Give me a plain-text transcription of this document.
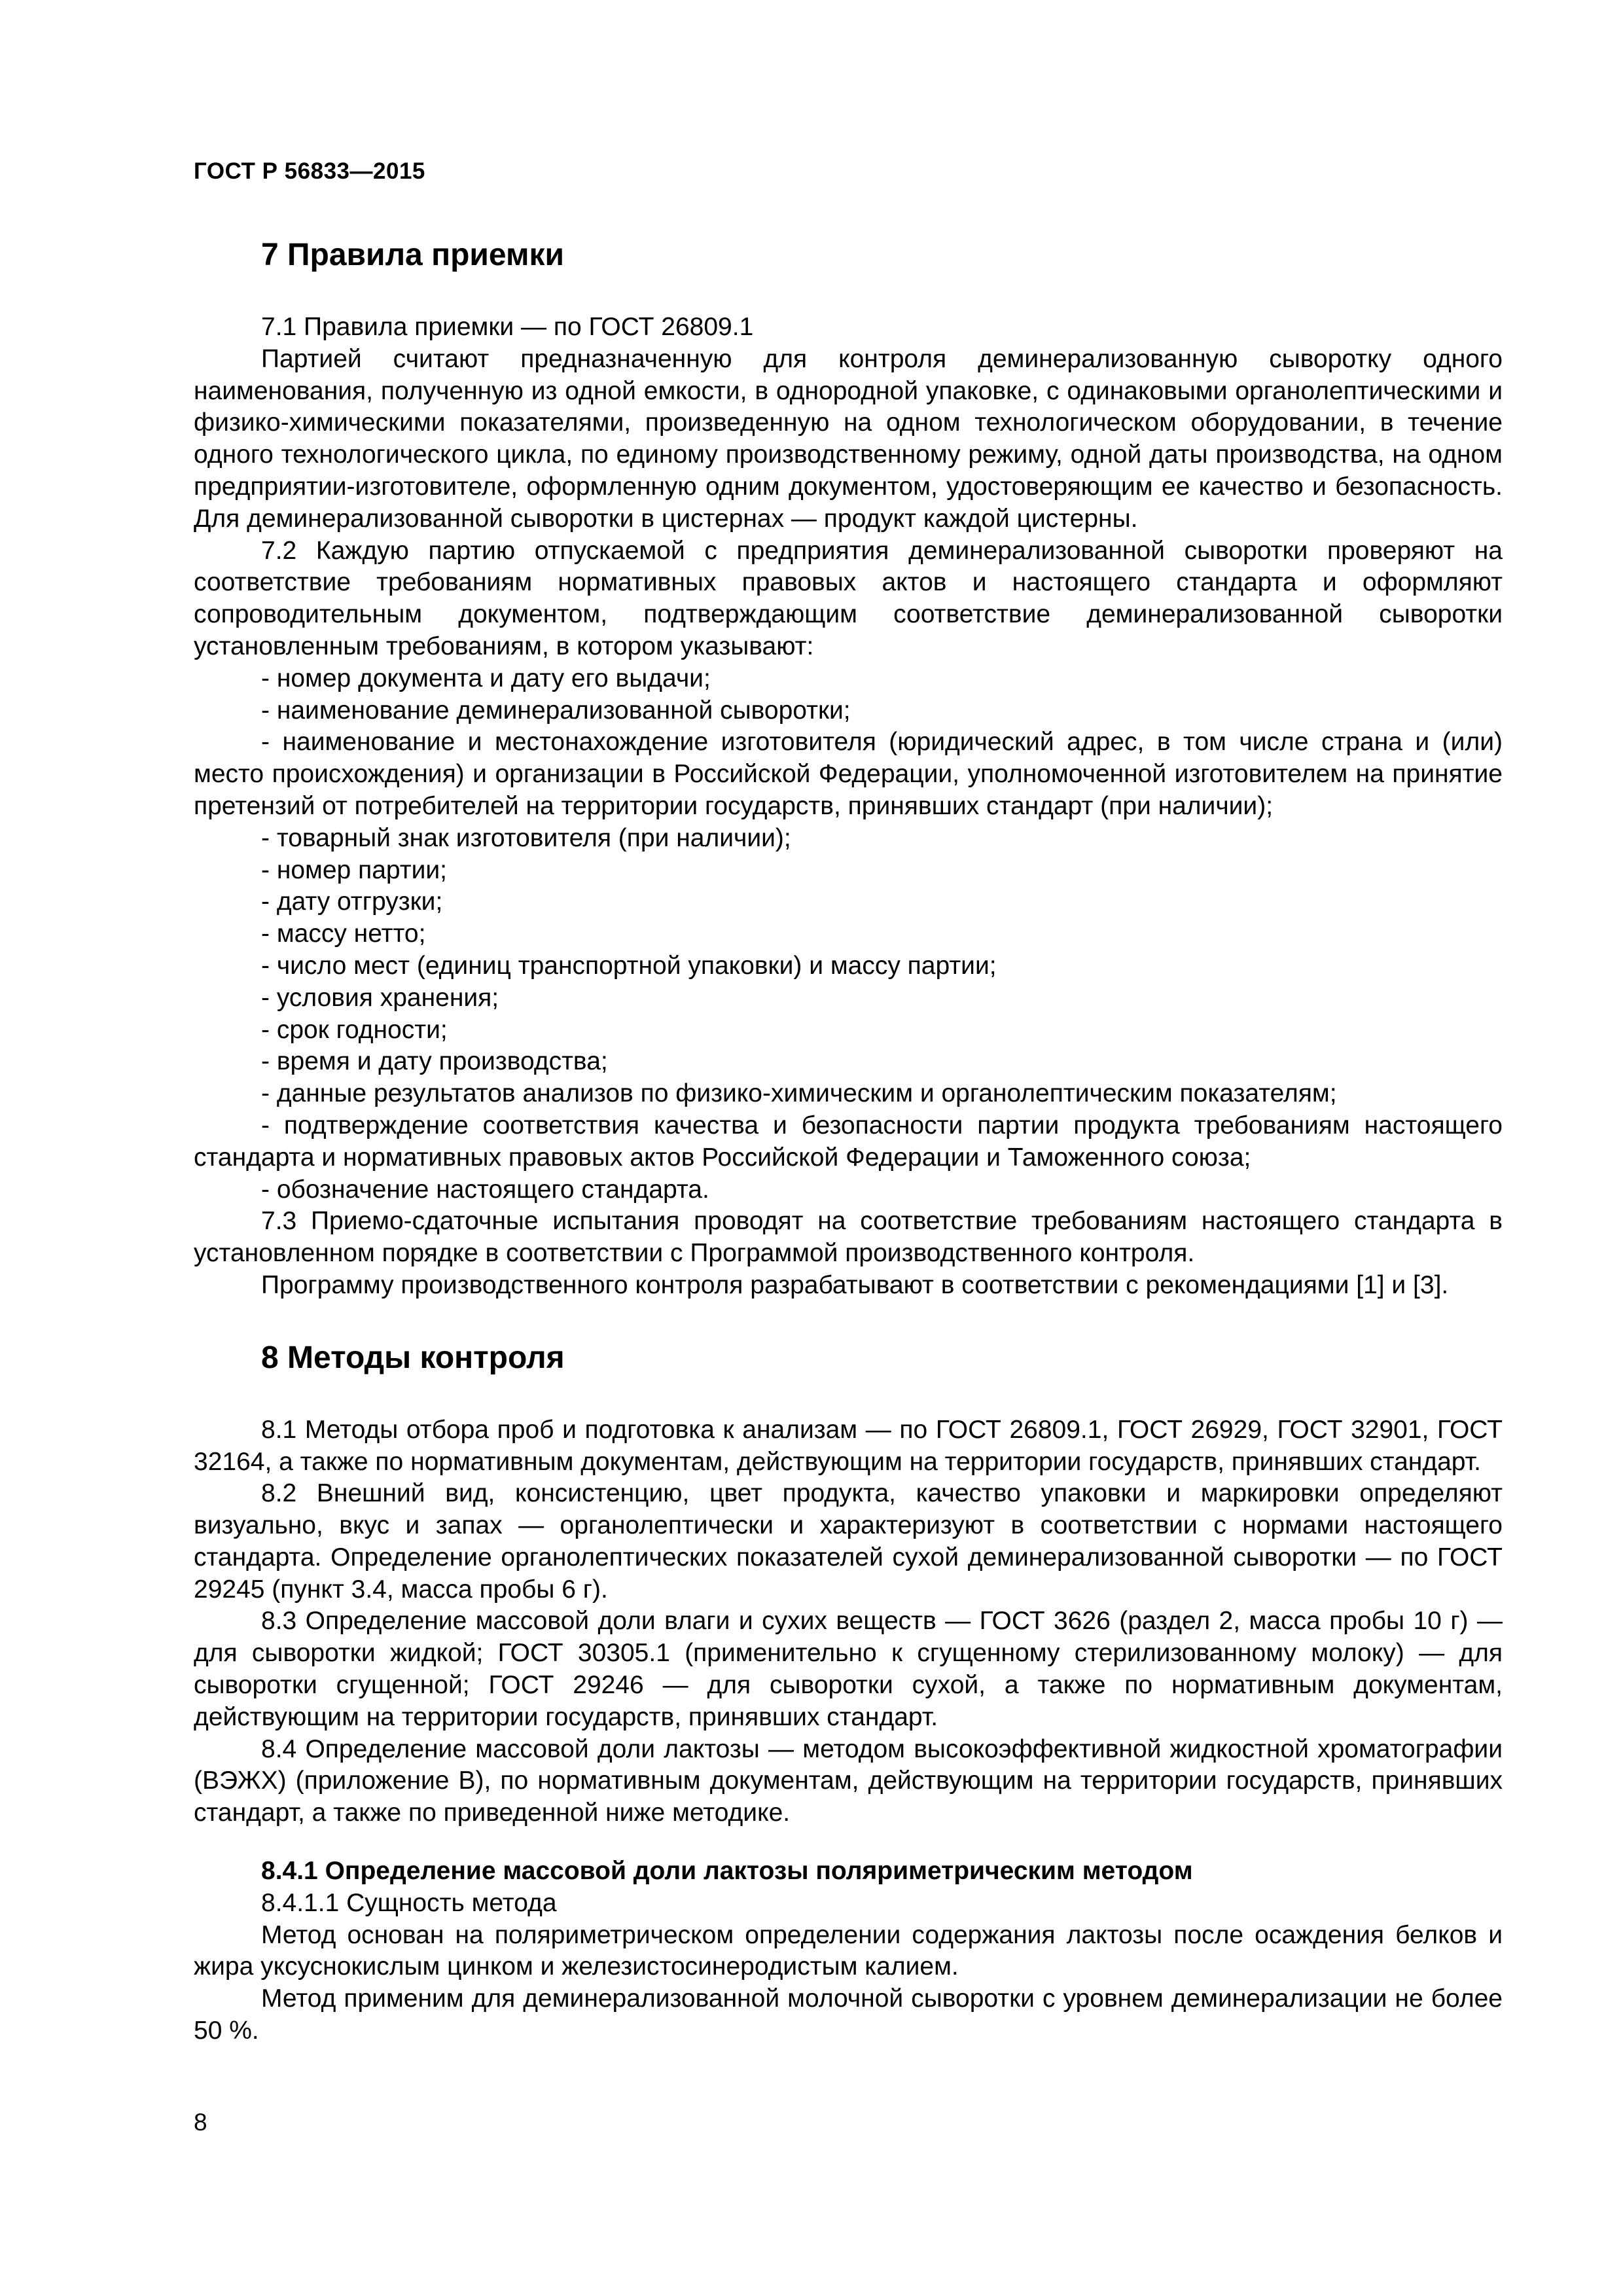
ГОСТ Р 56833—2015
7 Правила приемки

7.1 Правила приемки — по ГОСТ 26809.1

Партией считают предназначенную для контроля деминерализованную сыворотку одного наименования, полученную из одной емкости, в однородной упаковке, с одинаковыми органолептическими и физико-химическими показателями, произведенную на одном технологическом оборудовании, в течение одного технологического цикла, по единому производственному режиму, одной даты производства, на одном предприятии-изготовителе, оформленную одним документом, удостоверяющим ее качество и безопасность. Для деминерализованной сыворотки в цистернах — продукт каждой цистерны.

7.2 Каждую партию отпускаемой с предприятия деминерализованной сыворотки проверяют на соответствие требованиям нормативных правовых актов и настоящего стандарта и оформляют сопроводительным документом, подтверждающим соответствие деминерализованной сыворотки установленным требованиям, в котором указывают:

- номер документа и дату его выдачи;
- наименование деминерализованной сыворотки;
- наименование и местонахождение изготовителя (юридический адрес, в том числе страна и (или) место происхождения) и организации в Российской Федерации, уполномоченной изготовителем на принятие претензий от потребителей на территории государств, принявших стандарт (при наличии);
- товарный знак изготовителя (при наличии);
- номер партии;
- дату отгрузки;
- массу нетто;
- число мест (единиц транспортной упаковки) и массу партии;
- условия хранения;
- срок годности;
- время и дату производства;
- данные результатов анализов по физико-химическим и органолептическим показателям;
- подтверждение соответствия качества и безопасности партии продукта требованиям настоящего стандарта и нормативных правовых актов Российской Федерации и Таможенного союза;
- обозначение настоящего стандарта.

7.3 Приемо-сдаточные испытания проводят на соответствие требованиям настоящего стандарта в установленном порядке в соответствии с Программой производственного контроля.

Программу производственного контроля разрабатывают в соответствии с рекомендациями [1] и [3].

8 Методы контроля

8.1 Методы отбора проб и подготовка к анализам — по ГОСТ 26809.1, ГОСТ 26929, ГОСТ 32901, ГОСТ 32164, а также по нормативным документам, действующим на территории государств, принявших стандарт.

8.2 Внешний вид, консистенцию, цвет продукта, качество упаковки и маркировки определяют визуально, вкус и запах — органолептически и характеризуют в соответствии с нормами настоящего стандарта. Определение органолептических показателей сухой деминерализованной сыворотки — по ГОСТ 29245 (пункт 3.4, масса пробы 6 г).

8.3 Определение массовой доли влаги и сухих веществ — ГОСТ 3626 (раздел 2, масса пробы 10 г) — для сыворотки жидкой; ГОСТ 30305.1 (применительно к сгущенному стерилизованному молоку) — для сыворотки сгущенной; ГОСТ 29246 — для сыворотки сухой, а также по нормативным документам, действующим на территории государств, принявших стандарт.

8.4 Определение массовой доли лактозы — методом высокоэффективной жидкостной хроматографии (ВЭЖХ) (приложение В), по нормативным документам, действующим на территории государств, принявших стандарт, а также по приведенной ниже методике.

8.4.1 Определение массовой доли лактозы поляриметрическим методом

8.4.1.1 Сущность метода

Метод основан на поляриметрическом определении содержания лактозы после осаждения белков и жира уксуснокислым цинком и железистосинеродистым калием.

Метод применим для деминерализованной молочной сыворотки с уровнем деминерализации не более 50 %.

8
